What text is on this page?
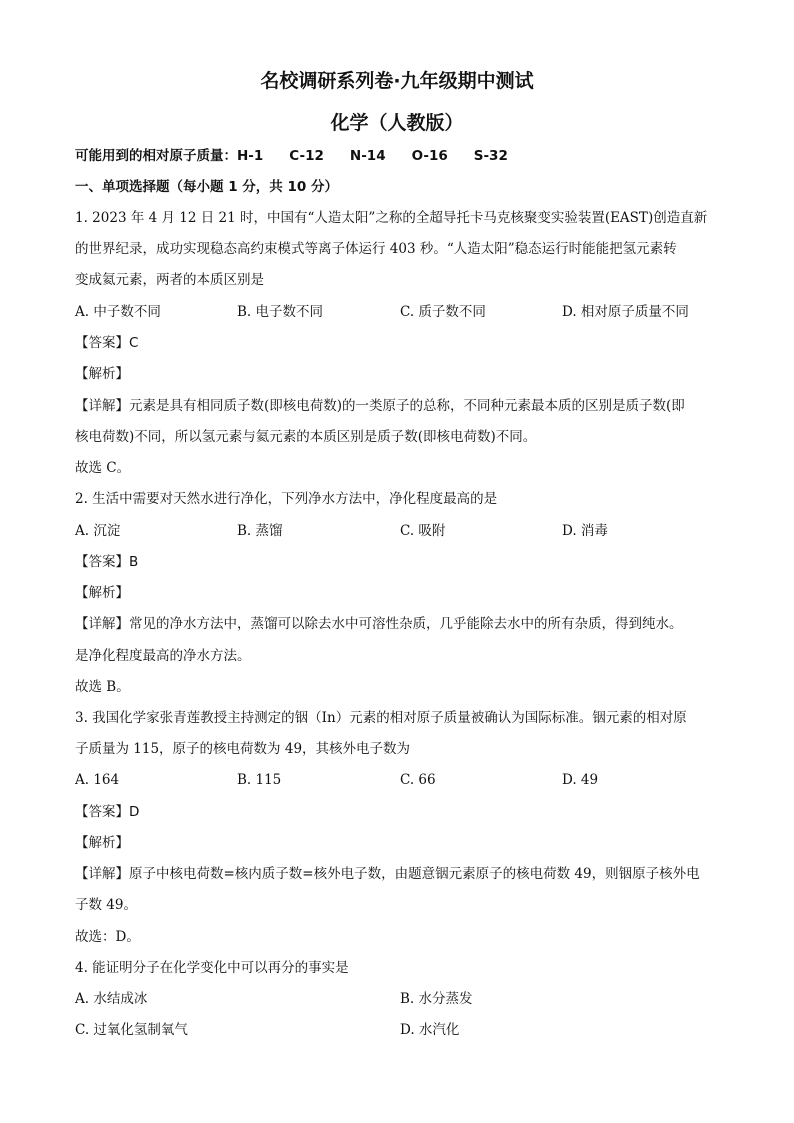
名校调研系列卷·九年级期中测试
化学（人教版）
可能用到的相对原子质量：H-1 C-12 N-14 O-16 S-32
一、单项选择题（每小题 1 分，共 10 分）
1. 2023 年 4 月 12 日 21 时，中国有“人造太阳”之称的全超导托卡马克核聚变实验装置(EAST)创造直新
的世界纪录，成功实现稳态高约束模式等离子体运行 403 秒。“人造太阳”稳态运行时能能把氢元素转
变成氦元素，两者的本质区别是
A. 中子数不同	B. 电子数不同	C. 质子数不同	D. 相对原子质量不同
【答案】C
【解析】
【详解】元素是具有相同质子数(即核电荷数)的一类原子的总称，不同种元素最本质的区别是质子数(即
核电荷数)不同，所以氢元素与氦元素的本质区别是质子数(即核电荷数)不同。
故选 C。
2. 生活中需要对天然水进行净化，下列净水方法中，净化程度最高的是
A. 沉淀	B. 蒸馏	C. 吸附	D. 消毒
【答案】B
【解析】
【详解】常见的净水方法中，蒸馏可以除去水中可溶性杂质，几乎能除去水中的所有杂质，得到纯水。
是净化程度最高的净水方法。
故选 B。
3. 我国化学家张青莲教授主持测定的铟（In）元素的相对原子质量被确认为国际标准。铟元素的相对原
子质量为 115，原子的核电荷数为 49，其核外电子数为
A. 164	B. 115	C. 66	D. 49
【答案】D
【解析】
【详解】原子中核电荷数=核内质子数=核外电子数，由题意铟元素原子的核电荷数 49，则铟原子核外电
子数 49。
故选：D。
4. 能证明分子在化学变化中可以再分的事实是
A. 水结成冰	B. 水分蒸发
C. 过氧化氢制氧气	D. 水汽化
